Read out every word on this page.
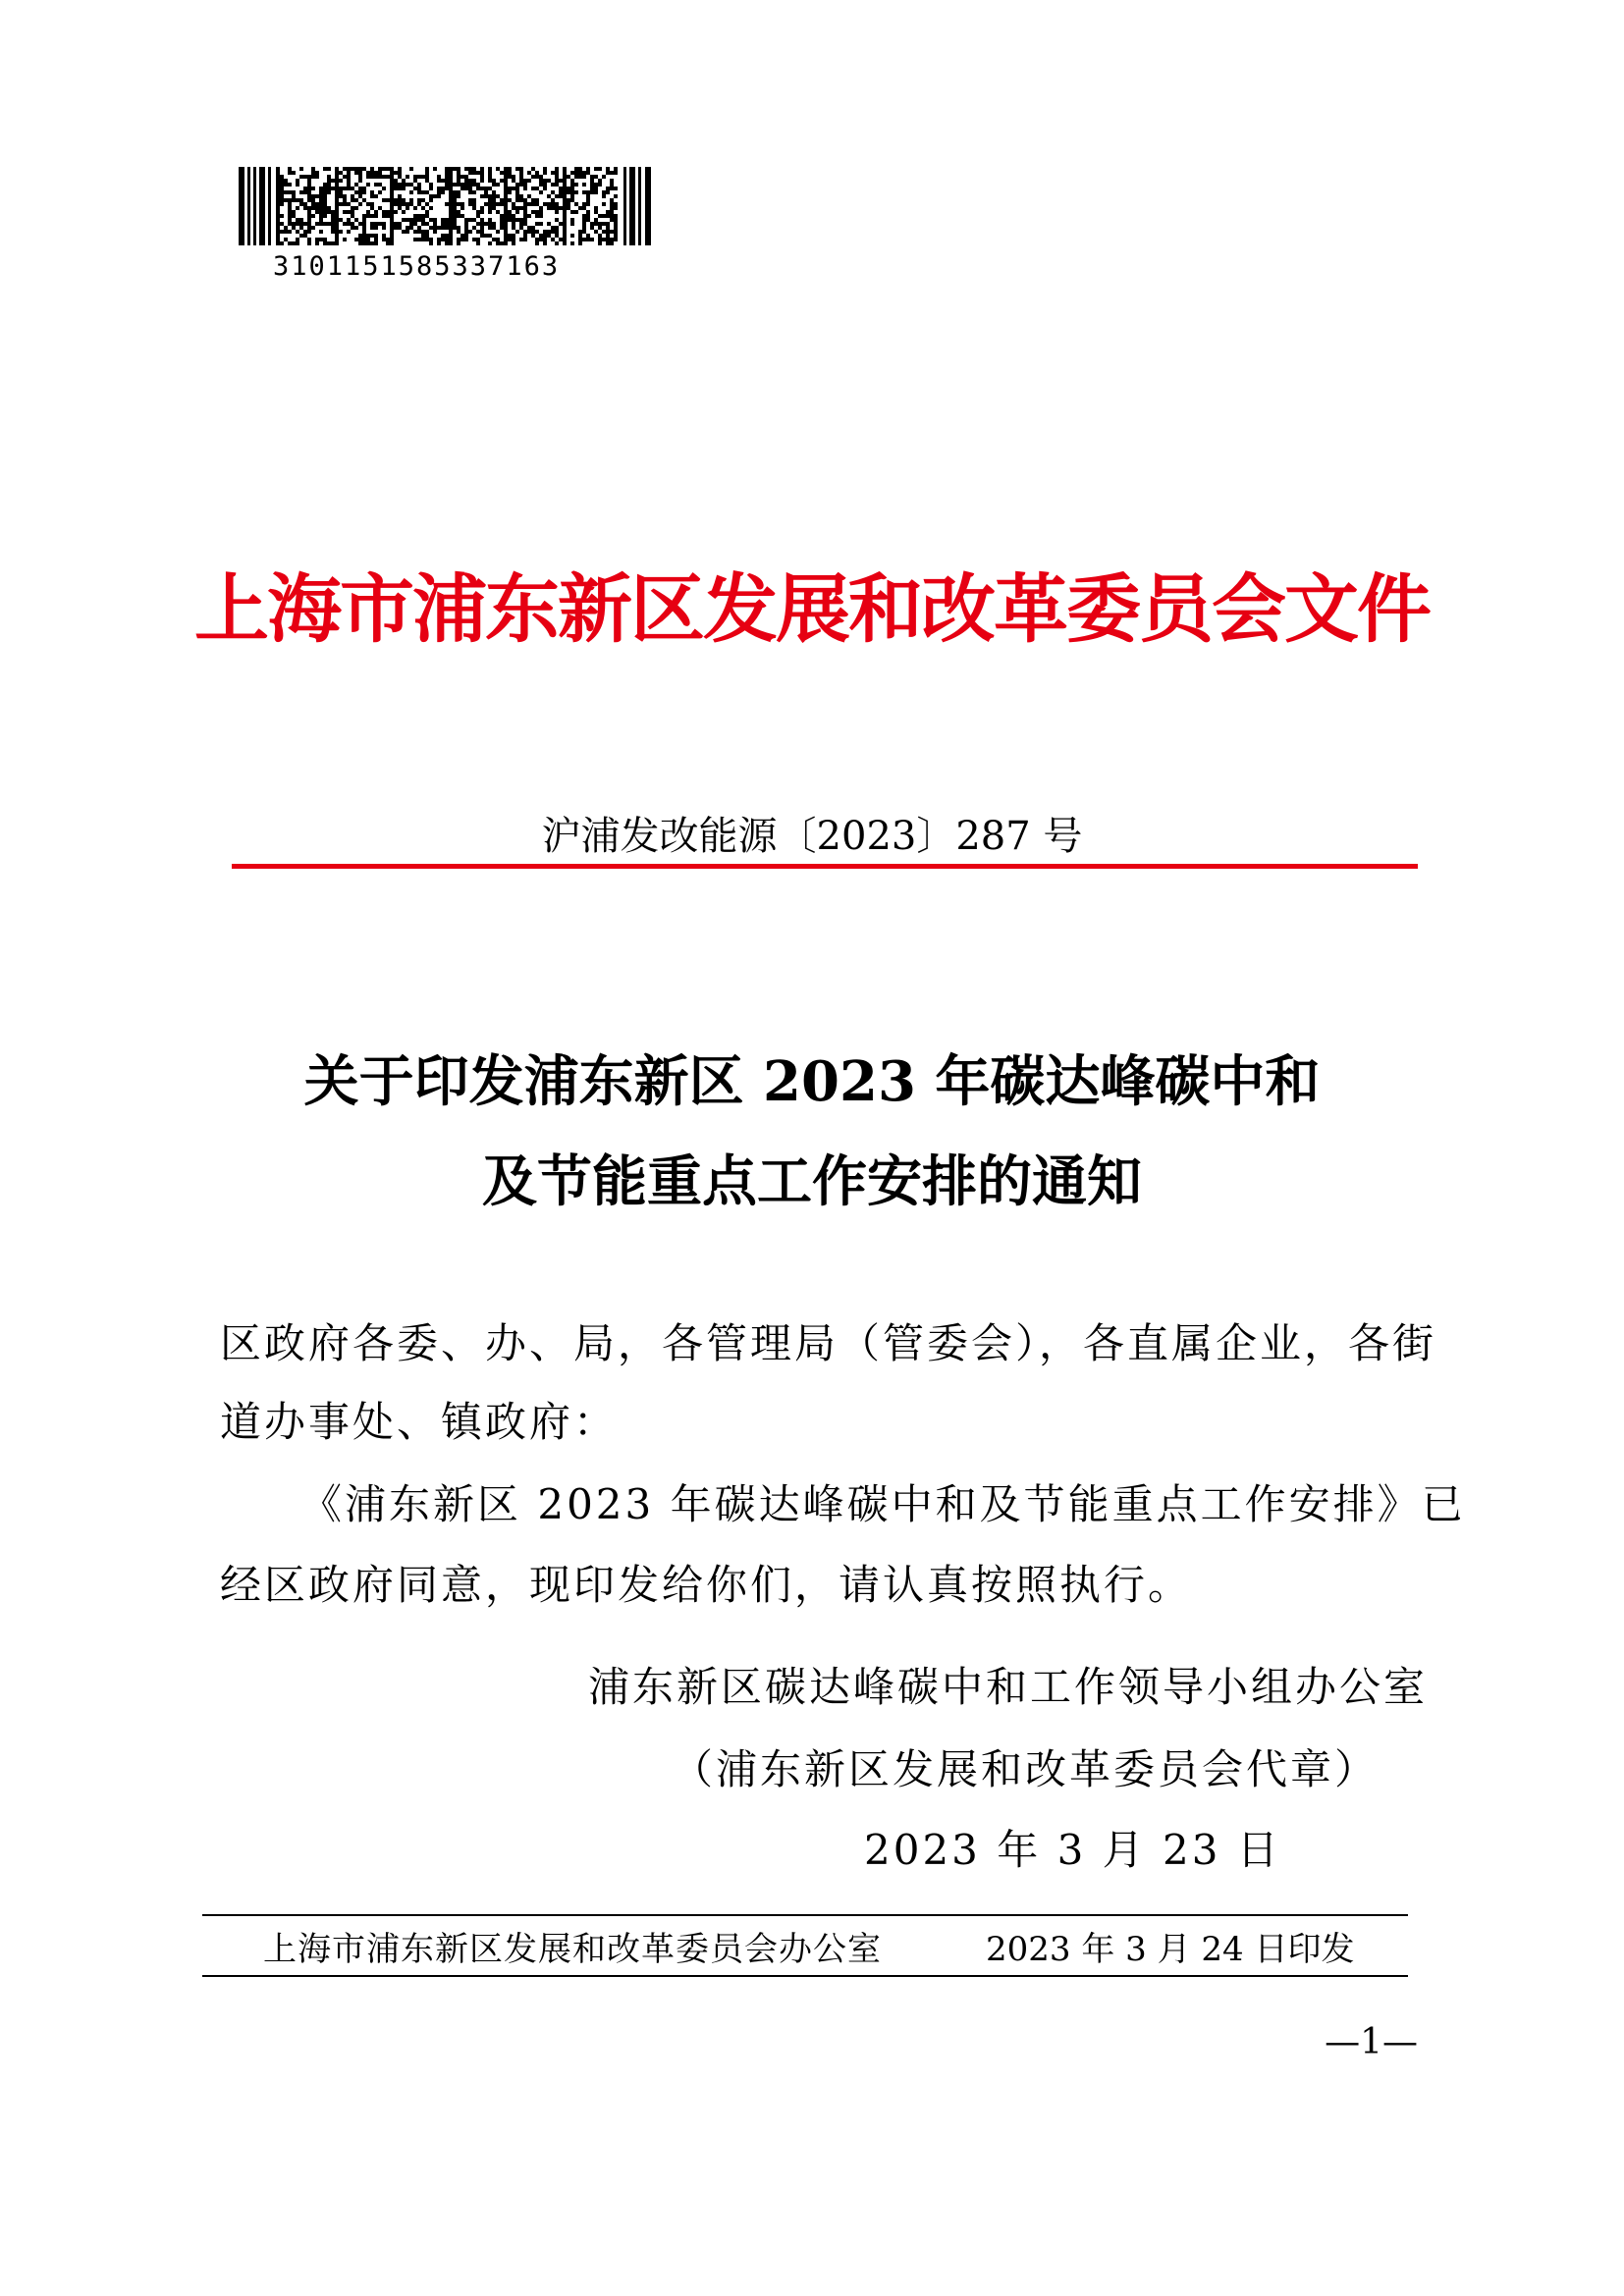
3101151585337163
上海市浦东新区发展和改革委员会文件
沪浦发改能源〔2023〕287 号
关于印发浦东新区 2023 年碳达峰碳中和
及节能重点工作安排的通知
区政府各委、办、局，各管理局（管委会），各直属企业，各街
道办事处、镇政府：
《浦东新区 2023 年碳达峰碳中和及节能重点工作安排》已
经区政府同意，现印发给你们，请认真按照执行。
浦东新区碳达峰碳中和工作领导小组办公室
（浦东新区发展和改革委员会代章）
2023 年 3 月 23 日
上海市浦东新区发展和改革委员会办公室	2023 年 3 月 24 日印发
—1—
